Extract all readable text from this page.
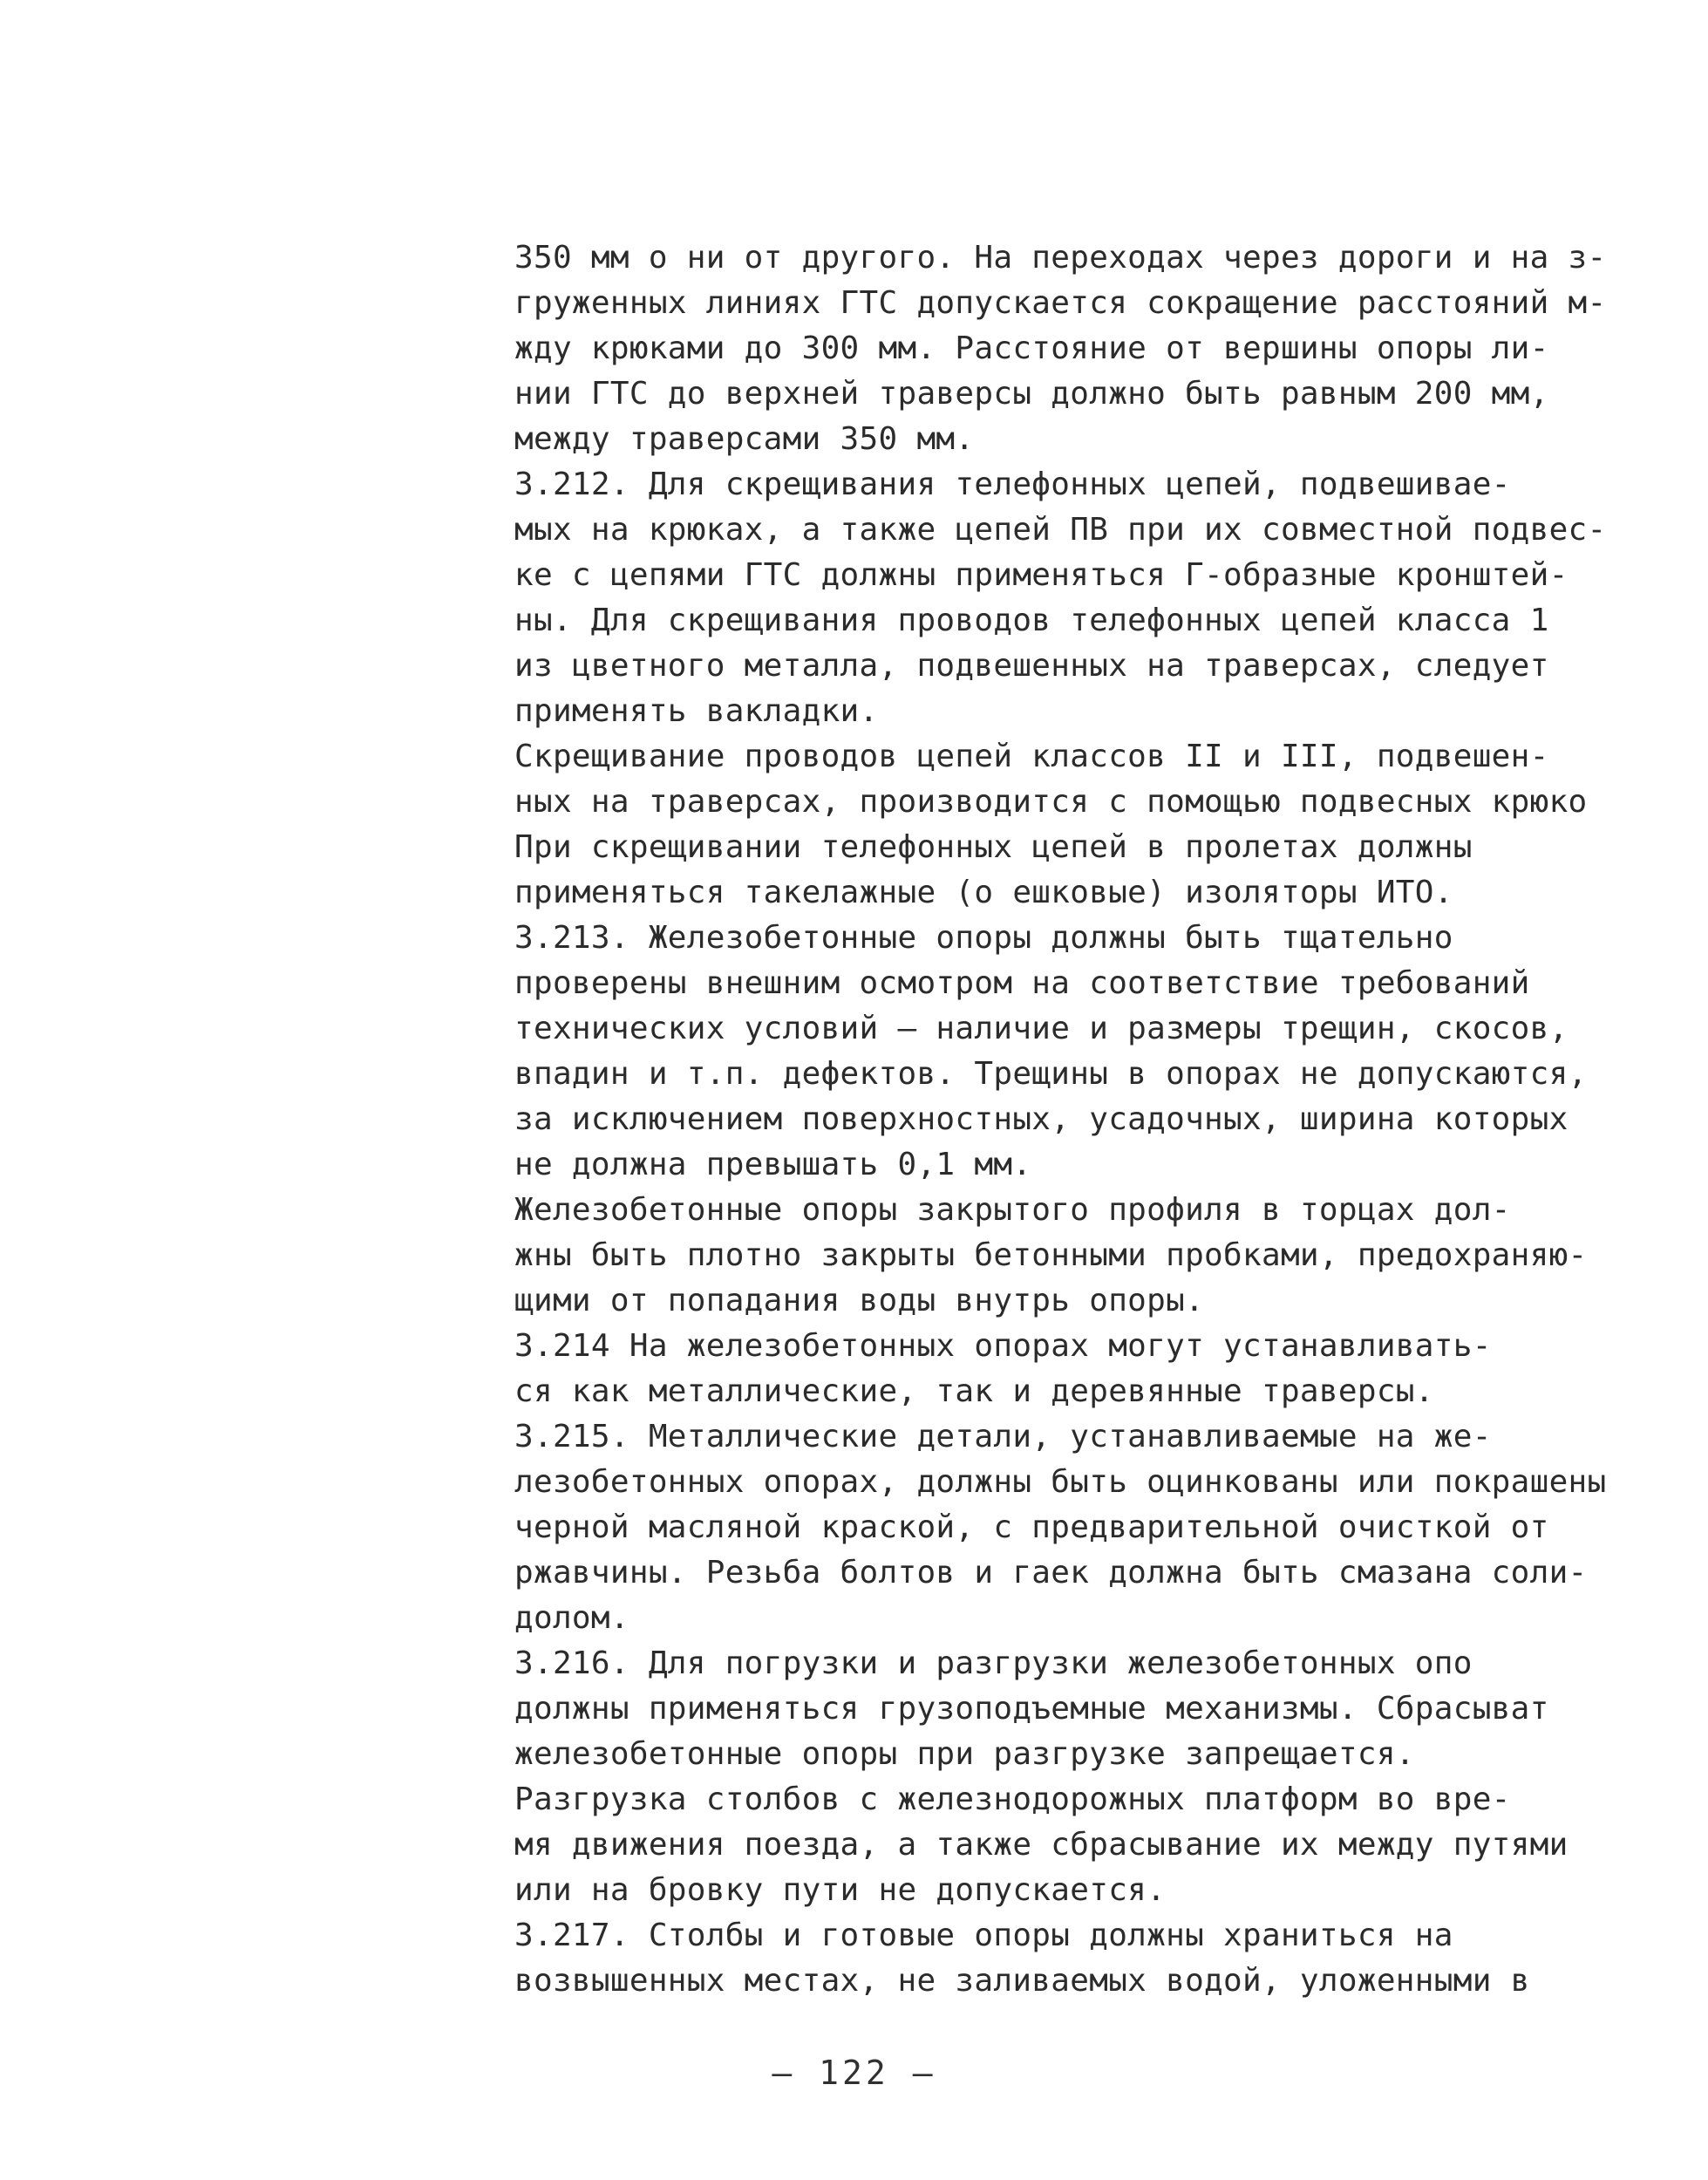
350 мм о ни от другого. На переходах через дороги и на з-
груженных линиях ГТС допускается сокращение расстояний м-
жду крюками до 300 мм. Расстояние от вершины опоры ли-
нии ГТС до верхней траверсы должно быть равным 200 мм,
между траверсами 350 мм.
3.212. Для скрещивания телефонных цепей, подвешивае-
мых на крюках, а также цепей ПВ при их совместной подвес-
ке с цепями ГТС должны применяться Г-образные кронштей-
ны. Для скрещивания проводов телефонных цепей класса 1
из цветного металла, подвешенных на траверсах, следует
применять вакладки.
Скрещивание проводов цепей классов II и III, подвешен-
ных на траверсах, производится с помощью подвесных крюко
При скрещивании телефонных цепей в пролетах должны
применяться такелажные (о ешковые) изоляторы ИТО.
3.213. Железобетонные опоры должны быть тщательно
проверены внешним осмотром на соответствие требований
технических условий – наличие и размеры трещин, скосов,
впадин и т.п. дефектов. Трещины в опорах не допускаются,
за исключением поверхностных, усадочных, ширина которых
не должна превышать 0,1 мм.
Железобетонные опоры закрытого профиля в торцах дол-
жны быть плотно закрыты бетонными пробками, предохраняю-
щими от попадания воды внутрь опоры.
3.214 На железобетонных опорах могут устанавливать-
ся как металлические, так и деревянные траверсы.
3.215. Металлические детали, устанавливаемые на же-
лезобетонных опорах, должны быть оцинкованы или покрашены
черной масляной краской, с предварительной очисткой от
ржавчины. Резьба болтов и гаек должна быть смазана соли-
долом.
3.216. Для погрузки и разгрузки железобетонных опо
должны применяться грузоподъемные механизмы. Сбрасыват
железобетонные опоры при разгрузке запрещается.
Разгрузка столбов с железнодорожных платформ во вре-
мя движения поезда, а также сбрасывание их между путями
или на бровку пути не допускается.
3.217. Столбы и готовые опоры должны храниться на
возвышенных местах, не заливаемых водой, уложенными в
– 122 –
